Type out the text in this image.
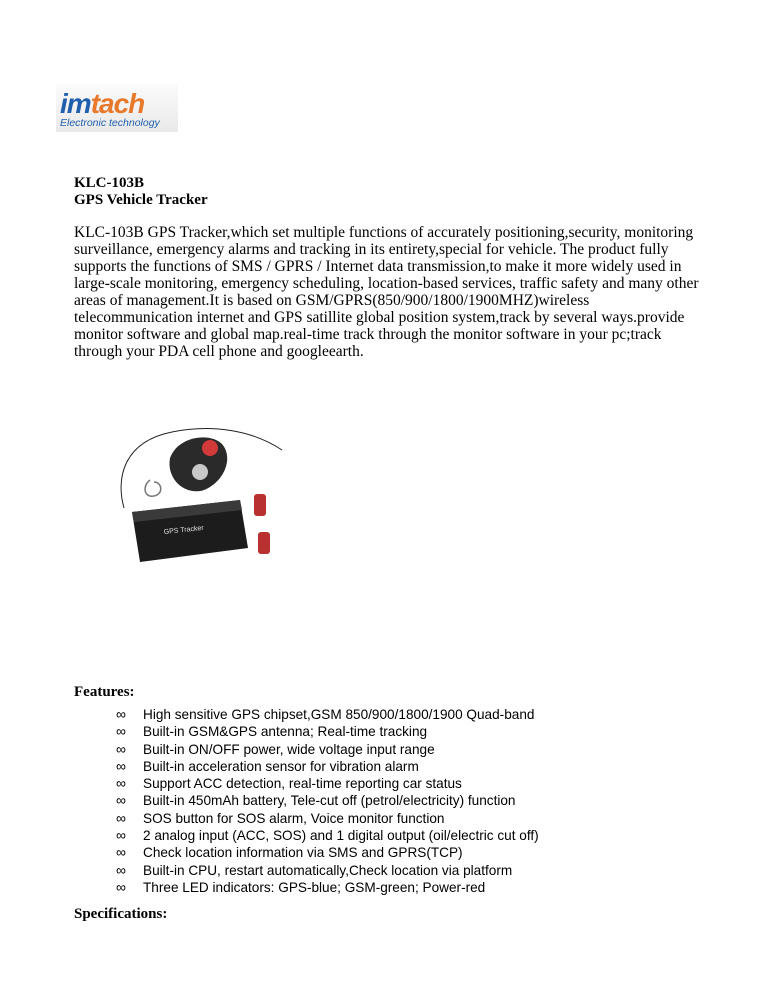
imtach
Electronic technology
KLC-103B
GPS Vehicle Tracker

KLC-103B GPS Tracker,which set multiple functions of accurately positioning,security, monitoring surveillance, emergency alarms and tracking in its entirety,special for vehicle. The product fully supports the functions of SMS / GPRS / Internet data transmission,to make it more widely used in large-scale monitoring, emergency scheduling, location-based services, traffic safety and many other areas of management.It is based on GSM/GPRS(850/900/1800/1900MHZ)wireless telecommunication internet and GPS satillite global position system,track by several ways.provide monitor software and global map.real-time track through the monitor software in your pc;track through your PDA cell phone and googleearth.

GPS Tracker
Features:
∞ High sensitive GPS chipset,GSM 850/900/1800/1900 Quad-band
∞ Built-in GSM&GPS antenna; Real-time tracking
∞ Built-in ON/OFF power, wide voltage input range
∞ Built-in acceleration sensor for vibration alarm
∞ Support ACC detection, real-time reporting car status
∞ Built-in 450mAh battery, Tele-cut off (petrol/electricity) function
∞ SOS button for SOS alarm, Voice monitor function
∞ 2 analog input (ACC, SOS) and 1 digital output (oil/electric cut off)
∞ Check location information via SMS and GPRS(TCP)
∞ Built-in CPU, restart automatically,Check location via platform
∞ Three LED indicators: GPS-blue; GSM-green; Power-red
Specifications:
